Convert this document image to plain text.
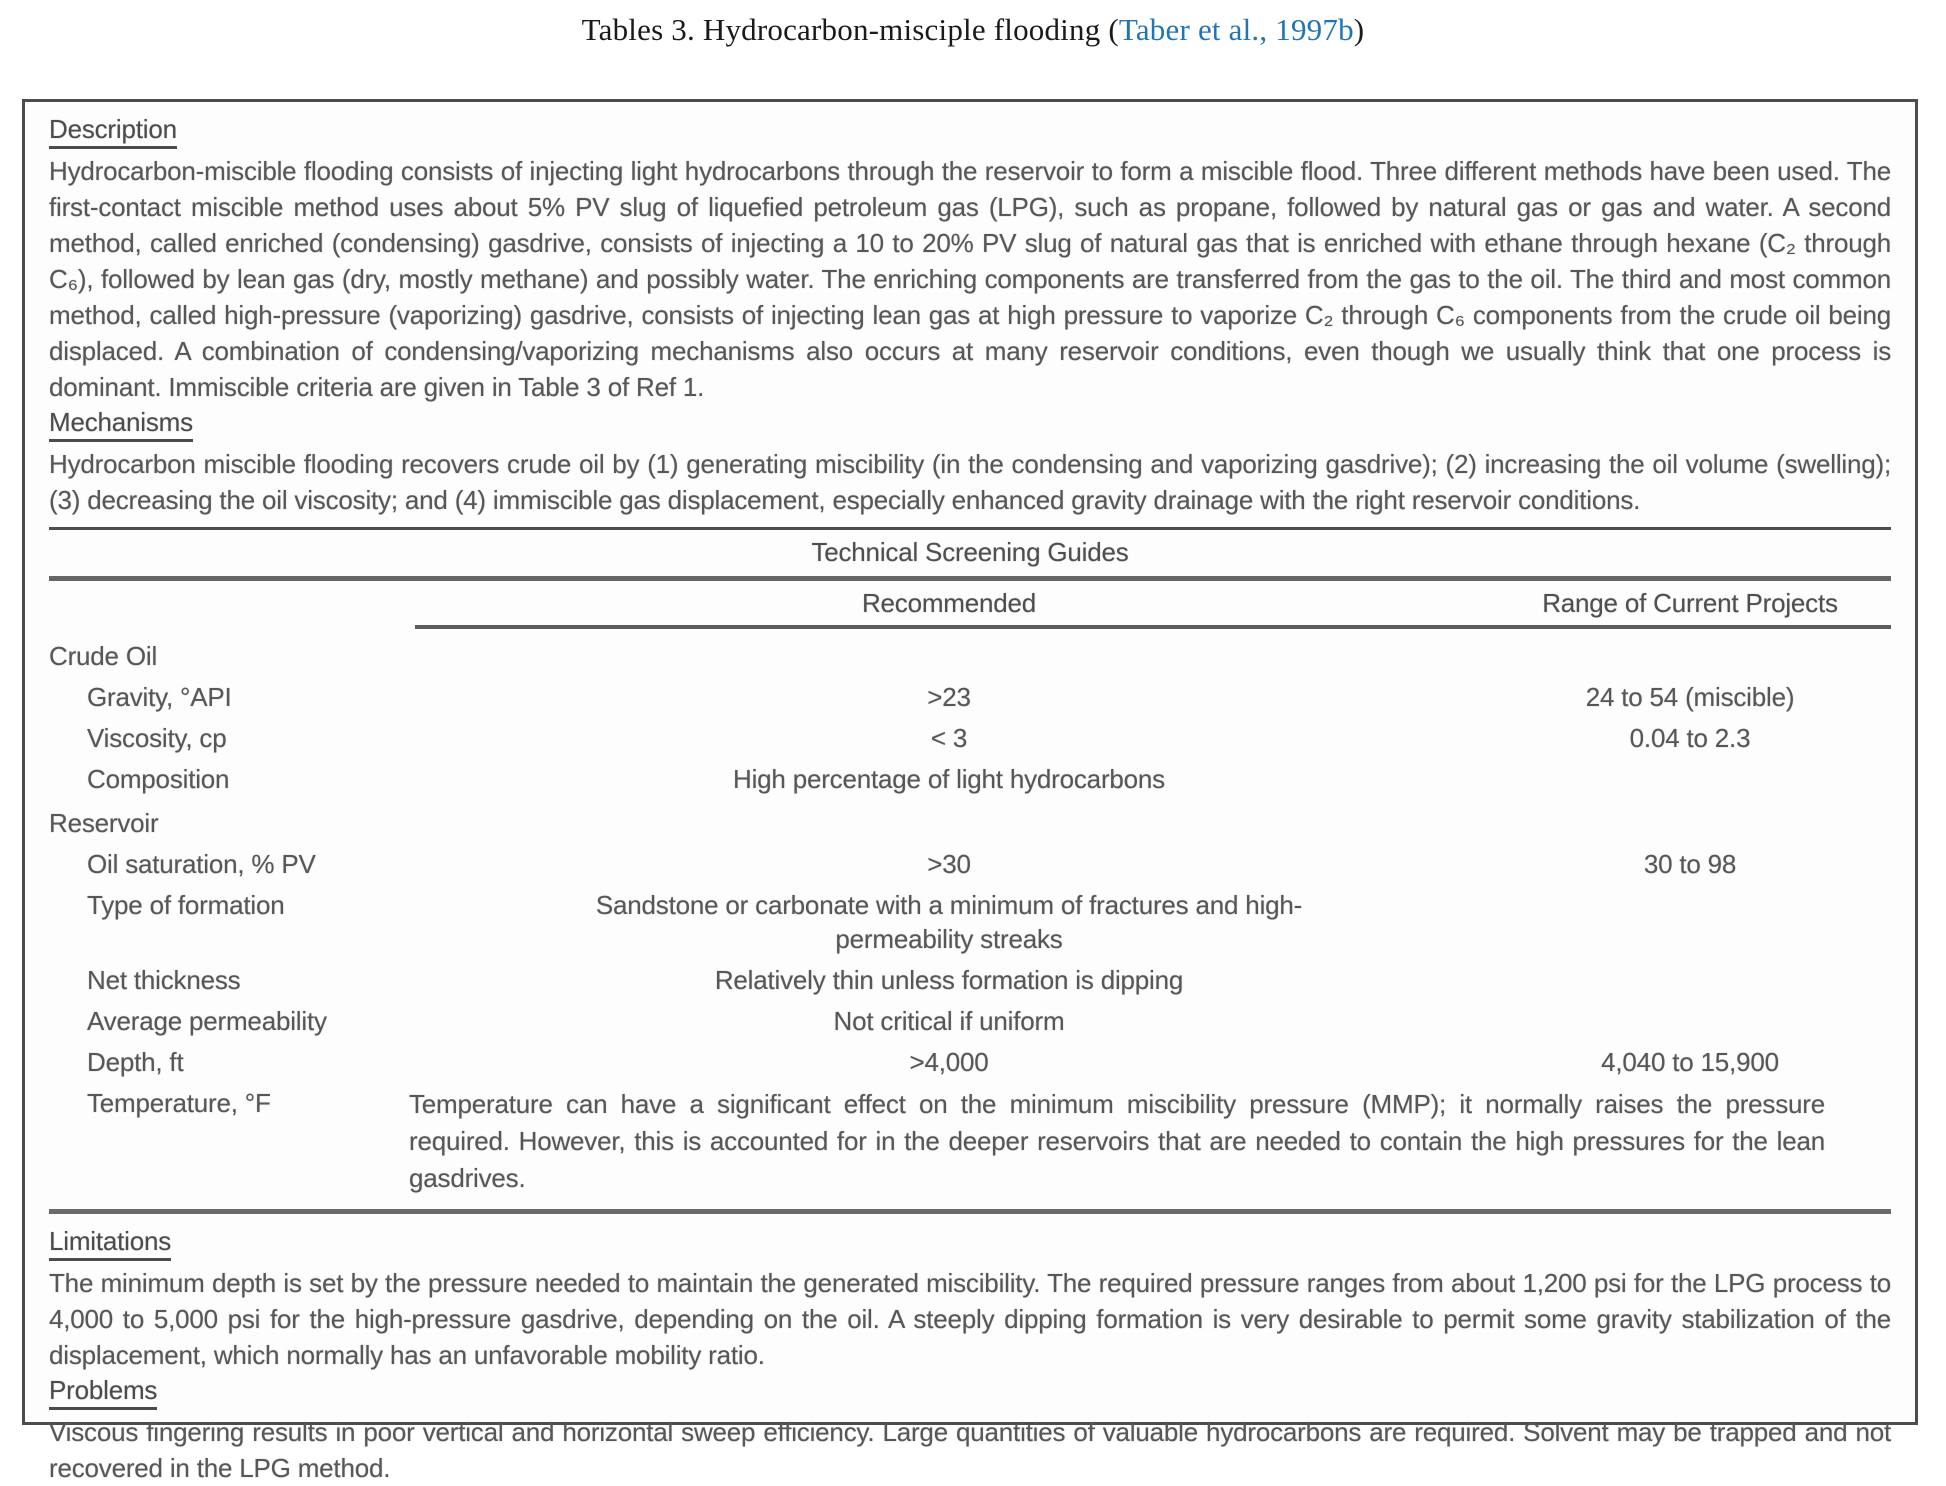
Tables 3. Hydrocarbon-misciple flooding (Taber et al., 1997b)
Description
Hydrocarbon-miscible flooding consists of injecting light hydrocarbons through the reservoir to form a miscible flood. Three different methods have been used. The first-contact miscible method uses about 5% PV slug of liquefied petroleum gas (LPG), such as propane, followed by natural gas or gas and water. A second method, called enriched (condensing) gasdrive, consists of injecting a 10 to 20% PV slug of natural gas that is enriched with ethane through hexane (C₂ through C₆), followed by lean gas (dry, mostly methane) and possibly water. The enriching components are transferred from the gas to the oil. The third and most common method, called high-pressure (vaporizing) gasdrive, consists of injecting lean gas at high pressure to vaporize C₂ through C₆ components from the crude oil being displaced. A combination of condensing/vaporizing mechanisms also occurs at many reservoir conditions, even though we usually think that one process is dominant. Immiscible criteria are given in Table 3 of Ref 1.
Mechanisms
Hydrocarbon miscible flooding recovers crude oil by (1) generating miscibility (in the condensing and vaporizing gasdrive); (2) increasing the oil volume (swelling); (3) decreasing the oil viscosity; and (4) immiscible gas displacement, especially enhanced gravity drainage with the right reservoir conditions.
Technical Screening Guides
Recommended	Range of Current Projects
Crude Oil
Gravity, °API	>23	24 to 54 (miscible)
Viscosity, cp	< 3	0.04 to 2.3
Composition	High percentage of light hydrocarbons
Reservoir
Oil saturation, % PV	>30	30 to 98
Type of formation	Sandstone or carbonate with a minimum of fractures and high-permeability streaks
Net thickness	Relatively thin unless formation is dipping
Average permeability	Not critical if uniform
Depth, ft	>4,000	4,040 to 15,900
Temperature, °F	Temperature can have a significant effect on the minimum miscibility pressure (MMP); it normally raises the pressure required. However, this is accounted for in the deeper reservoirs that are needed to contain the high pressures for the lean gasdrives.
Limitations
The minimum depth is set by the pressure needed to maintain the generated miscibility. The required pressure ranges from about 1,200 psi for the LPG process to 4,000 to 5,000 psi for the high-pressure gasdrive, depending on the oil. A steeply dipping formation is very desirable to permit some gravity stabilization of the displacement, which normally has an unfavorable mobility ratio.
Problems
Viscous fingering results in poor vertical and horizontal sweep efficiency. Large quantities of valuable hydrocarbons are required. Solvent may be trapped and not recovered in the LPG method.
